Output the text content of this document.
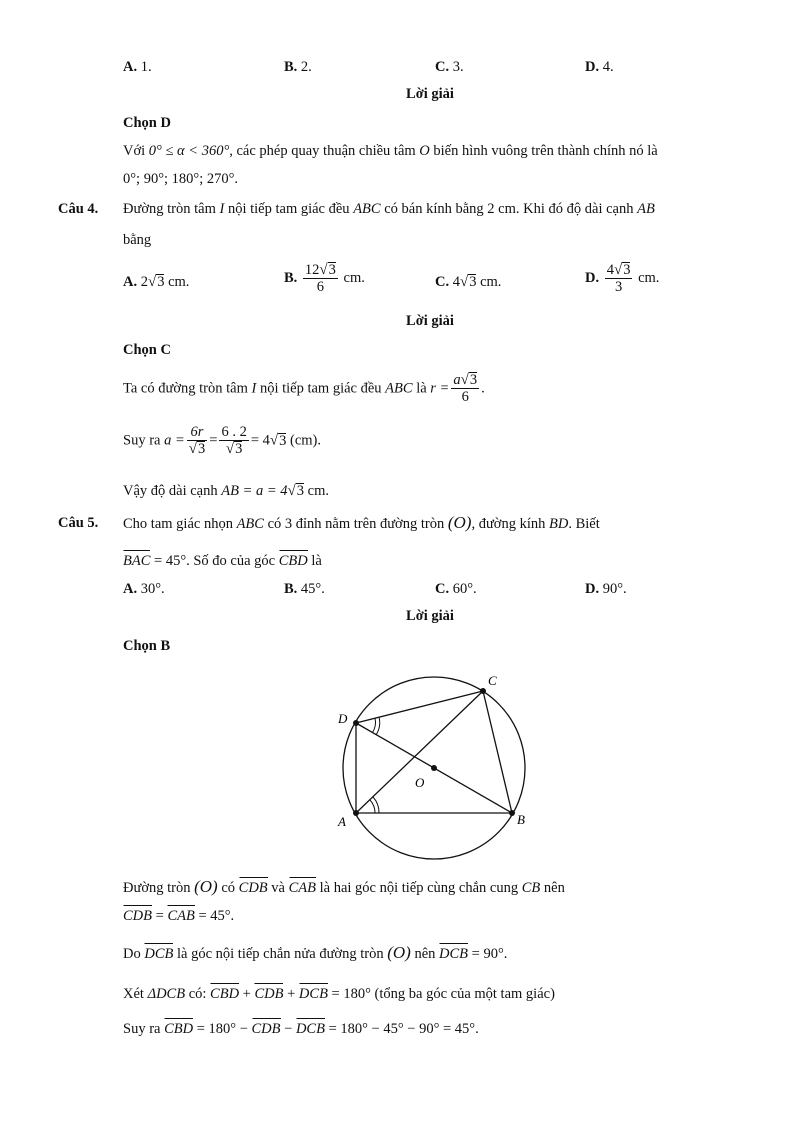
A. 1.	B. 2.	C. 3.	D. 4.
Lời giải
Chọn D
Với 0° ≤ α < 360°, các phép quay thuận chiều tâm O biến hình vuông trên thành chính nó là
0°; 90°; 180°; 270°.
Câu 4. Đường tròn tâm I nội tiếp tam giác đều ABC có bán kính bằng 2 cm. Khi đó độ dài cạnh AB
bằng
A. 2√3 cm.	B. $\frac{12√3}{6}$ cm.	C. 4√3 cm.	D. $\frac{4√3}{3}$ cm.
Lời giải
Chọn C
Ta có đường tròn tâm I nội tiếp tam giác đều ABC là $r = \frac{a√3}{6}$ .
Suy ra $a = \frac{6r}{√3} = \frac{6 . 2}{√3} = 4√3$ (cm).
Vậy độ dài cạnh AB = a = 4√3 cm.
Câu 5. Cho tam giác nhọn ABC có 3 đỉnh nằm trên đường tròn (O), đường kính BD. Biết
BAC = 45°. Số đo của góc CBD là
A. 30°.	B. 45°.	C. 60°.	D. 90°.
Lời giải
Chọn B
C
D
O
A	B
Đường tròn (O) có CDB và CAB là hai góc nội tiếp cùng chắn cung CB nên
CDB = CAB = 45°.
Do DCB là góc nội tiếp chắn nửa đường tròn (O) nên DCB = 90°.
Xét ΔDCB có: CBD + CDB + DCB = 180° (tổng ba góc của một tam giác)
Suy ra CBD = 180° − CDB − DCB = 180° − 45° − 90° = 45°.
